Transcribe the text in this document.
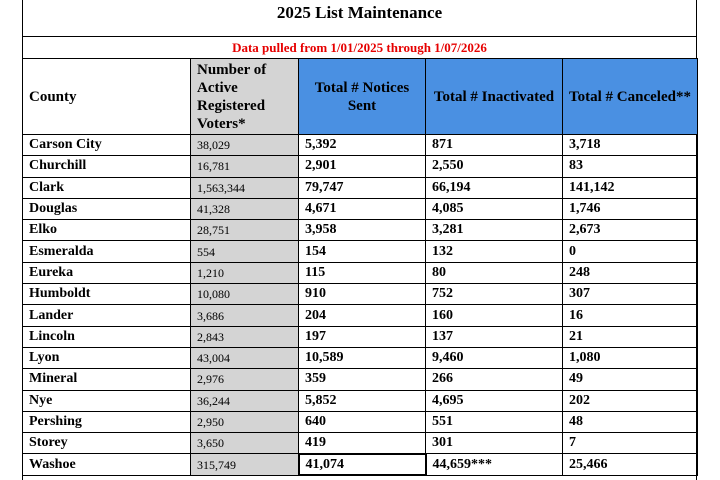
2025 List Maintenance
Data pulled from 1/01/2025 through 1/07/2026
County	Number of Active Registered Voters*	Total # Notices Sent	Total # Inactivated	Total # Canceled**
Carson City	38,029	5,392	871	3,718
Churchill	16,781	2,901	2,550	83
Clark	1,563,344	79,747	66,194	141,142
Douglas	41,328	4,671	4,085	1,746
Elko	28,751	3,958	3,281	2,673
Esmeralda	554	154	132	0
Eureka	1,210	115	80	248
Humboldt	10,080	910	752	307
Lander	3,686	204	160	16
Lincoln	2,843	197	137	21
Lyon	43,004	10,589	9,460	1,080
Mineral	2,976	359	266	49
Nye	36,244	5,852	4,695	202
Pershing	2,950	640	551	48
Storey	3,650	419	301	7
Washoe	315,749	41,074	44,659***	25,466
